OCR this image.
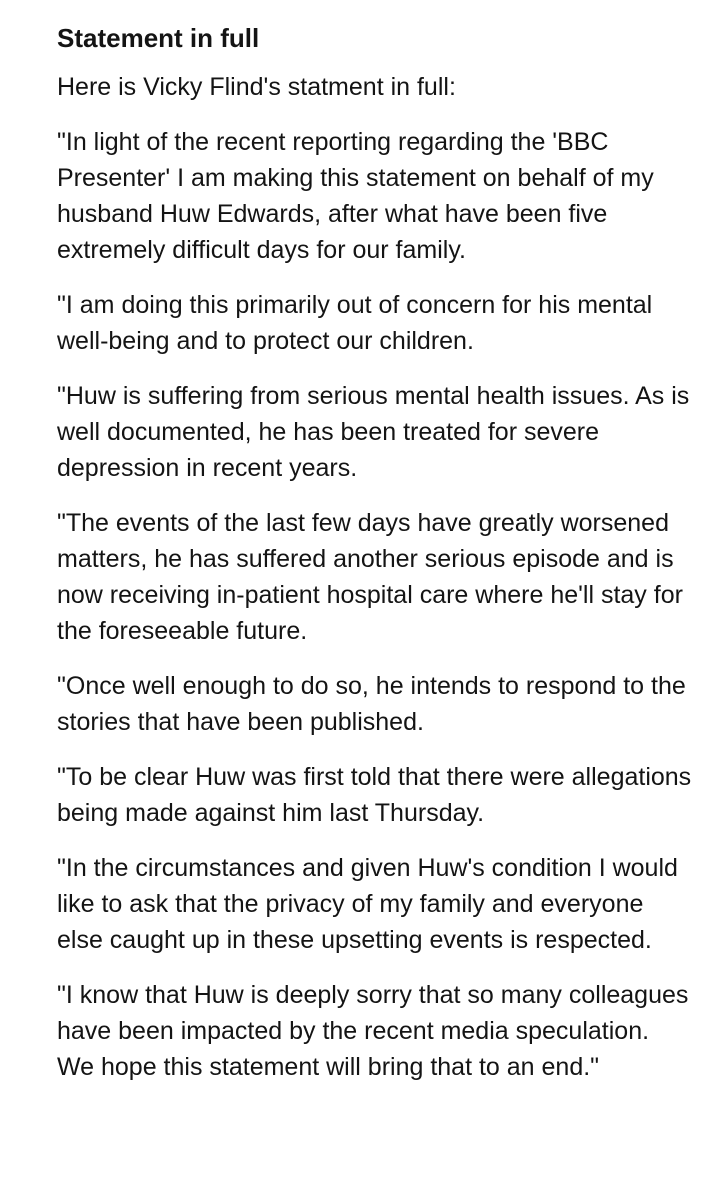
Statement in full

Here is Vicky Flind's statment in full:

"In light of the recent reporting regarding the 'BBC Presenter' I am making this statement on behalf of my husband Huw Edwards, after what have been five extremely difficult days for our family.

"I am doing this primarily out of concern for his mental well-being and to protect our children.

"Huw is suffering from serious mental health issues. As is well documented, he has been treated for severe depression in recent years.

"The events of the last few days have greatly worsened matters, he has suffered another serious episode and is now receiving in-patient hospital care where he'll stay for the foreseeable future.

"Once well enough to do so, he intends to respond to the stories that have been published.

"To be clear Huw was first told that there were allegations being made against him last Thursday.

"In the circumstances and given Huw's condition I would like to ask that the privacy of my family and everyone else caught up in these upsetting events is respected.

"I know that Huw is deeply sorry that so many colleagues have been impacted by the recent media speculation. We hope this statement will bring that to an end."
